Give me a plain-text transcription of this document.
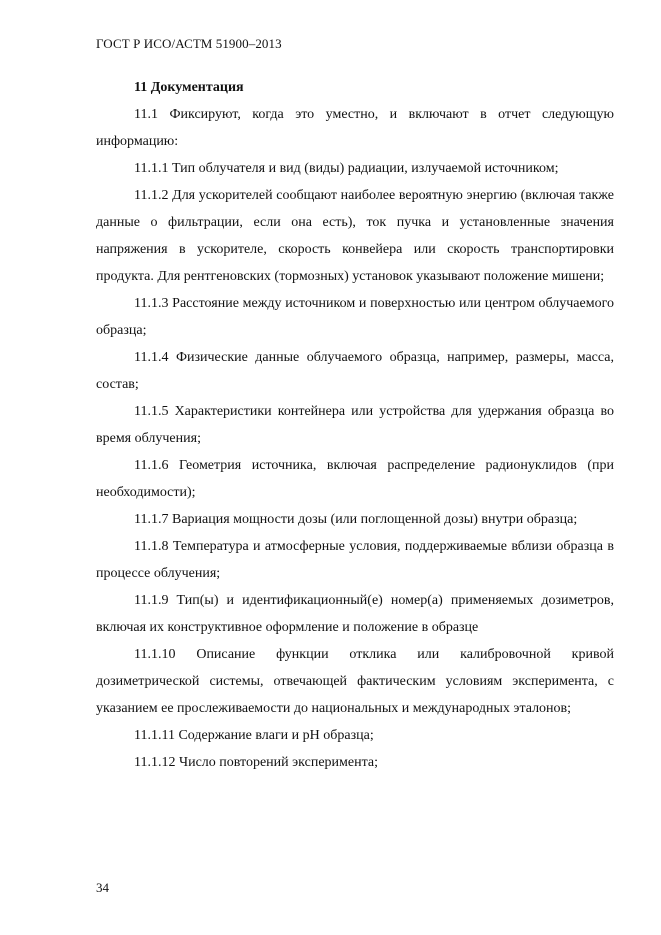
ГОСТ Р ИСО/АСТМ 51900–2013

11 Документация

11.1 Фиксируют, когда это уместно, и включают в отчет следующую информацию:

11.1.1 Тип облучателя и вид (виды) радиации, излучаемой источником;

11.1.2 Для ускорителей сообщают наиболее вероятную энергию (включая также данные о фильтрации, если она есть), ток пучка и установленные значения напряжения в ускорителе, скорость конвейера или скорость транспортировки продукта. Для рентгеновских (тормозных) установок указывают положение мишени;

11.1.3 Расстояние между источником и поверхностью или центром облучаемого образца;

11.1.4 Физические данные облучаемого образца, например, размеры, масса, состав;

11.1.5 Характеристики контейнера или устройства для удержания образца во время облучения;

11.1.6 Геометрия источника, включая распределение радионуклидов (при необходимости);

11.1.7 Вариация мощности дозы (или поглощенной дозы) внутри образца;

11.1.8 Температура и атмосферные условия, поддерживаемые вблизи образца в процессе облучения;

11.1.9 Тип(ы) и идентификационный(е) номер(а) применяемых дозиметров, включая их конструктивное оформление и положение в образце

11.1.10 Описание функции отклика или калибровочной кривой дозиметрической системы, отвечающей фактическим условиям эксперимента, с указанием ее прослеживаемости до национальных и международных эталонов;

11.1.11 Содержание влаги и pH образца;

11.1.12 Число повторений эксперимента;

34
